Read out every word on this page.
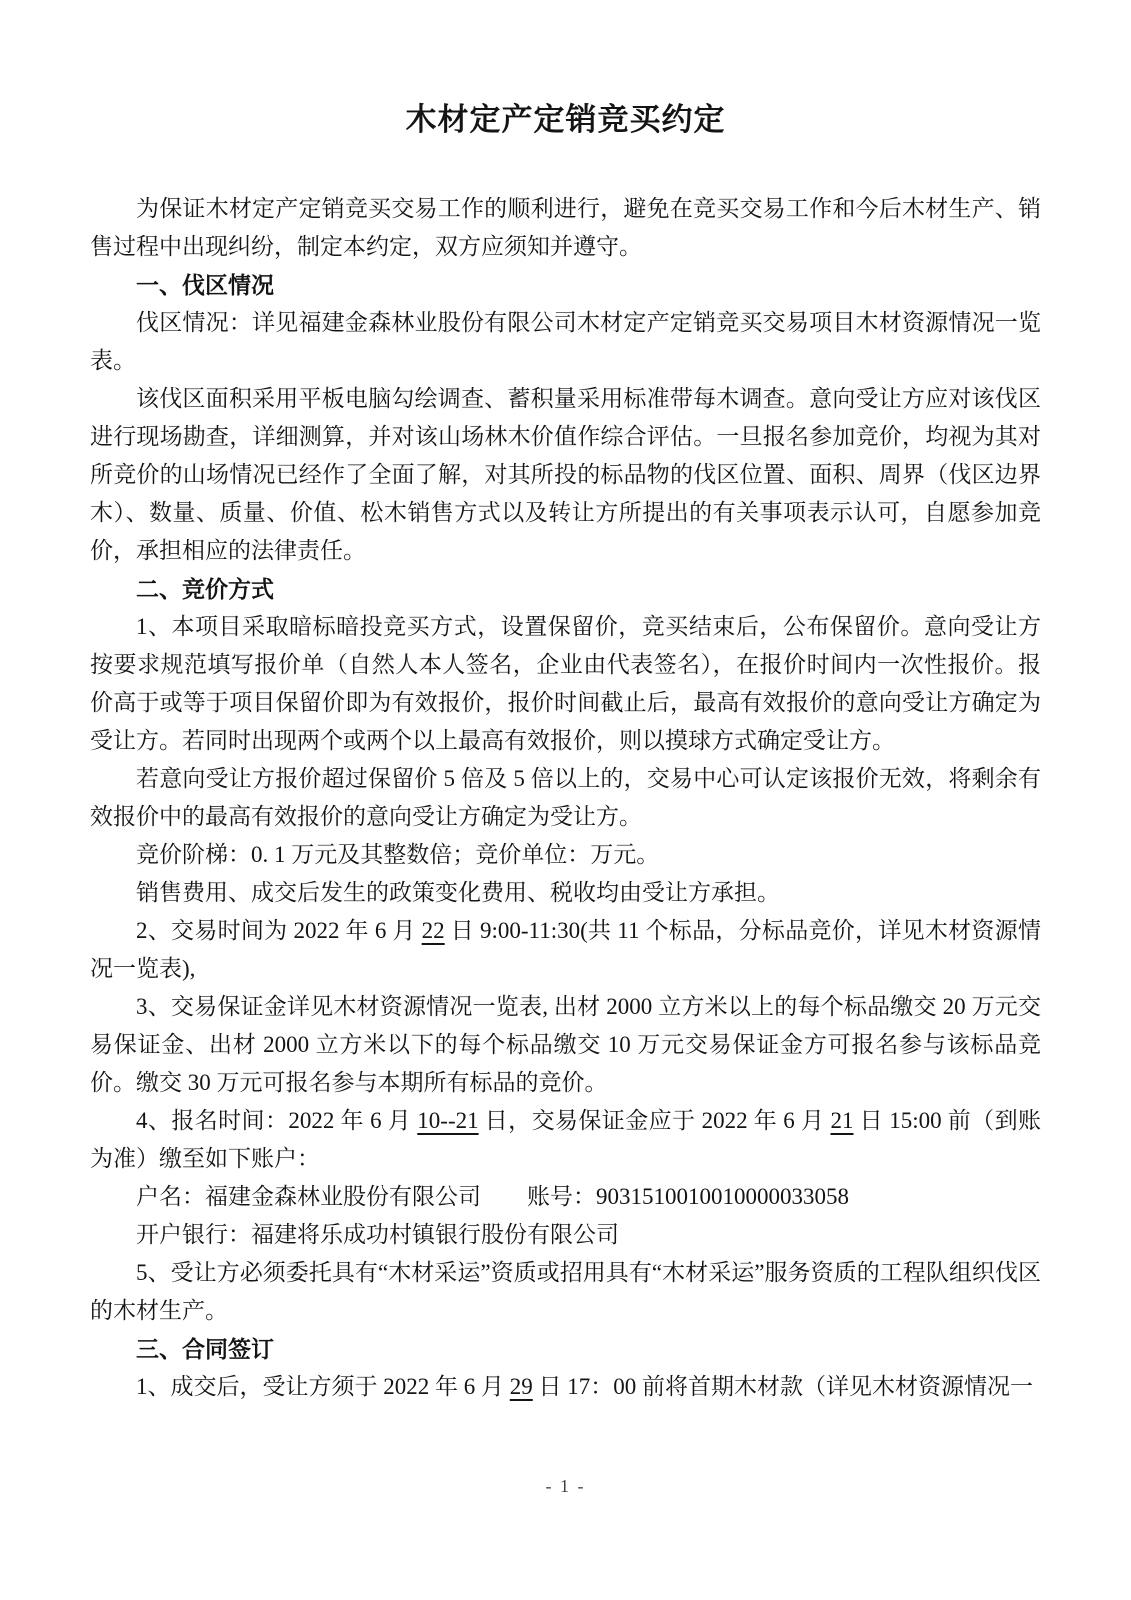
木材定产定销竞买约定

为保证木材定产定销竞买交易工作的顺利进行，避免在竞买交易工作和今后木材生产、销售过程中出现纠纷，制定本约定，双方应须知并遵守。

一、伐区情况

伐区情况：详见福建金森林业股份有限公司木材定产定销竞买交易项目木材资源情况一览表。

该伐区面积采用平板电脑勾绘调查、蓄积量采用标准带每木调查。意向受让方应对该伐区进行现场勘查，详细测算，并对该山场林木价值作综合评估。一旦报名参加竞价，均视为其对所竞价的山场情况已经作了全面了解，对其所投的标品物的伐区位置、面积、周界（伐区边界木）、数量、质量、价值、松木销售方式以及转让方所提出的有关事项表示认可，自愿参加竞价，承担相应的法律责任。

二、竞价方式

1、本项目采取暗标暗投竞买方式，设置保留价，竞买结束后，公布保留价。意向受让方按要求规范填写报价单（自然人本人签名，企业由代表签名），在报价时间内一次性报价。报价高于或等于项目保留价即为有效报价，报价时间截止后，最高有效报价的意向受让方确定为受让方。若同时出现两个或两个以上最高有效报价，则以摸球方式确定受让方。

若意向受让方报价超过保留价 5 倍及 5 倍以上的，交易中心可认定该报价无效，将剩余有效报价中的最高有效报价的意向受让方确定为受让方。

竞价阶梯：0. 1 万元及其整数倍；竞价单位：万元。

销售费用、成交后发生的政策变化费用、税收均由受让方承担。

2、交易时间为 2022 年 6 月 22 日 9:00-11:30(共 11 个标品，分标品竞价，详见木材资源情况一览表),

3、交易保证金详见木材资源情况一览表, 出材 2000 立方米以上的每个标品缴交 20 万元交易保证金、出材 2000 立方米以下的每个标品缴交 10 万元交易保证金方可报名参与该标品竞价。缴交 30 万元可报名参与本期所有标品的竞价。

4、报名时间：2022 年 6 月 10--21 日，交易保证金应于 2022 年 6 月 21 日 15:00 前（到账为准）缴至如下账户：

户名：福建金森林业股份有限公司　　账号：9031510010010000033058

开户银行：福建将乐成功村镇银行股份有限公司

5、受让方必须委托具有“木材采运”资质或招用具有“木材采运”服务资质的工程队组织伐区的木材生产。

三、合同签订

1、成交后，受让方须于 2022 年 6 月 29 日 17：00 前将首期木材款（详见木材资源情况一

- 1 -
